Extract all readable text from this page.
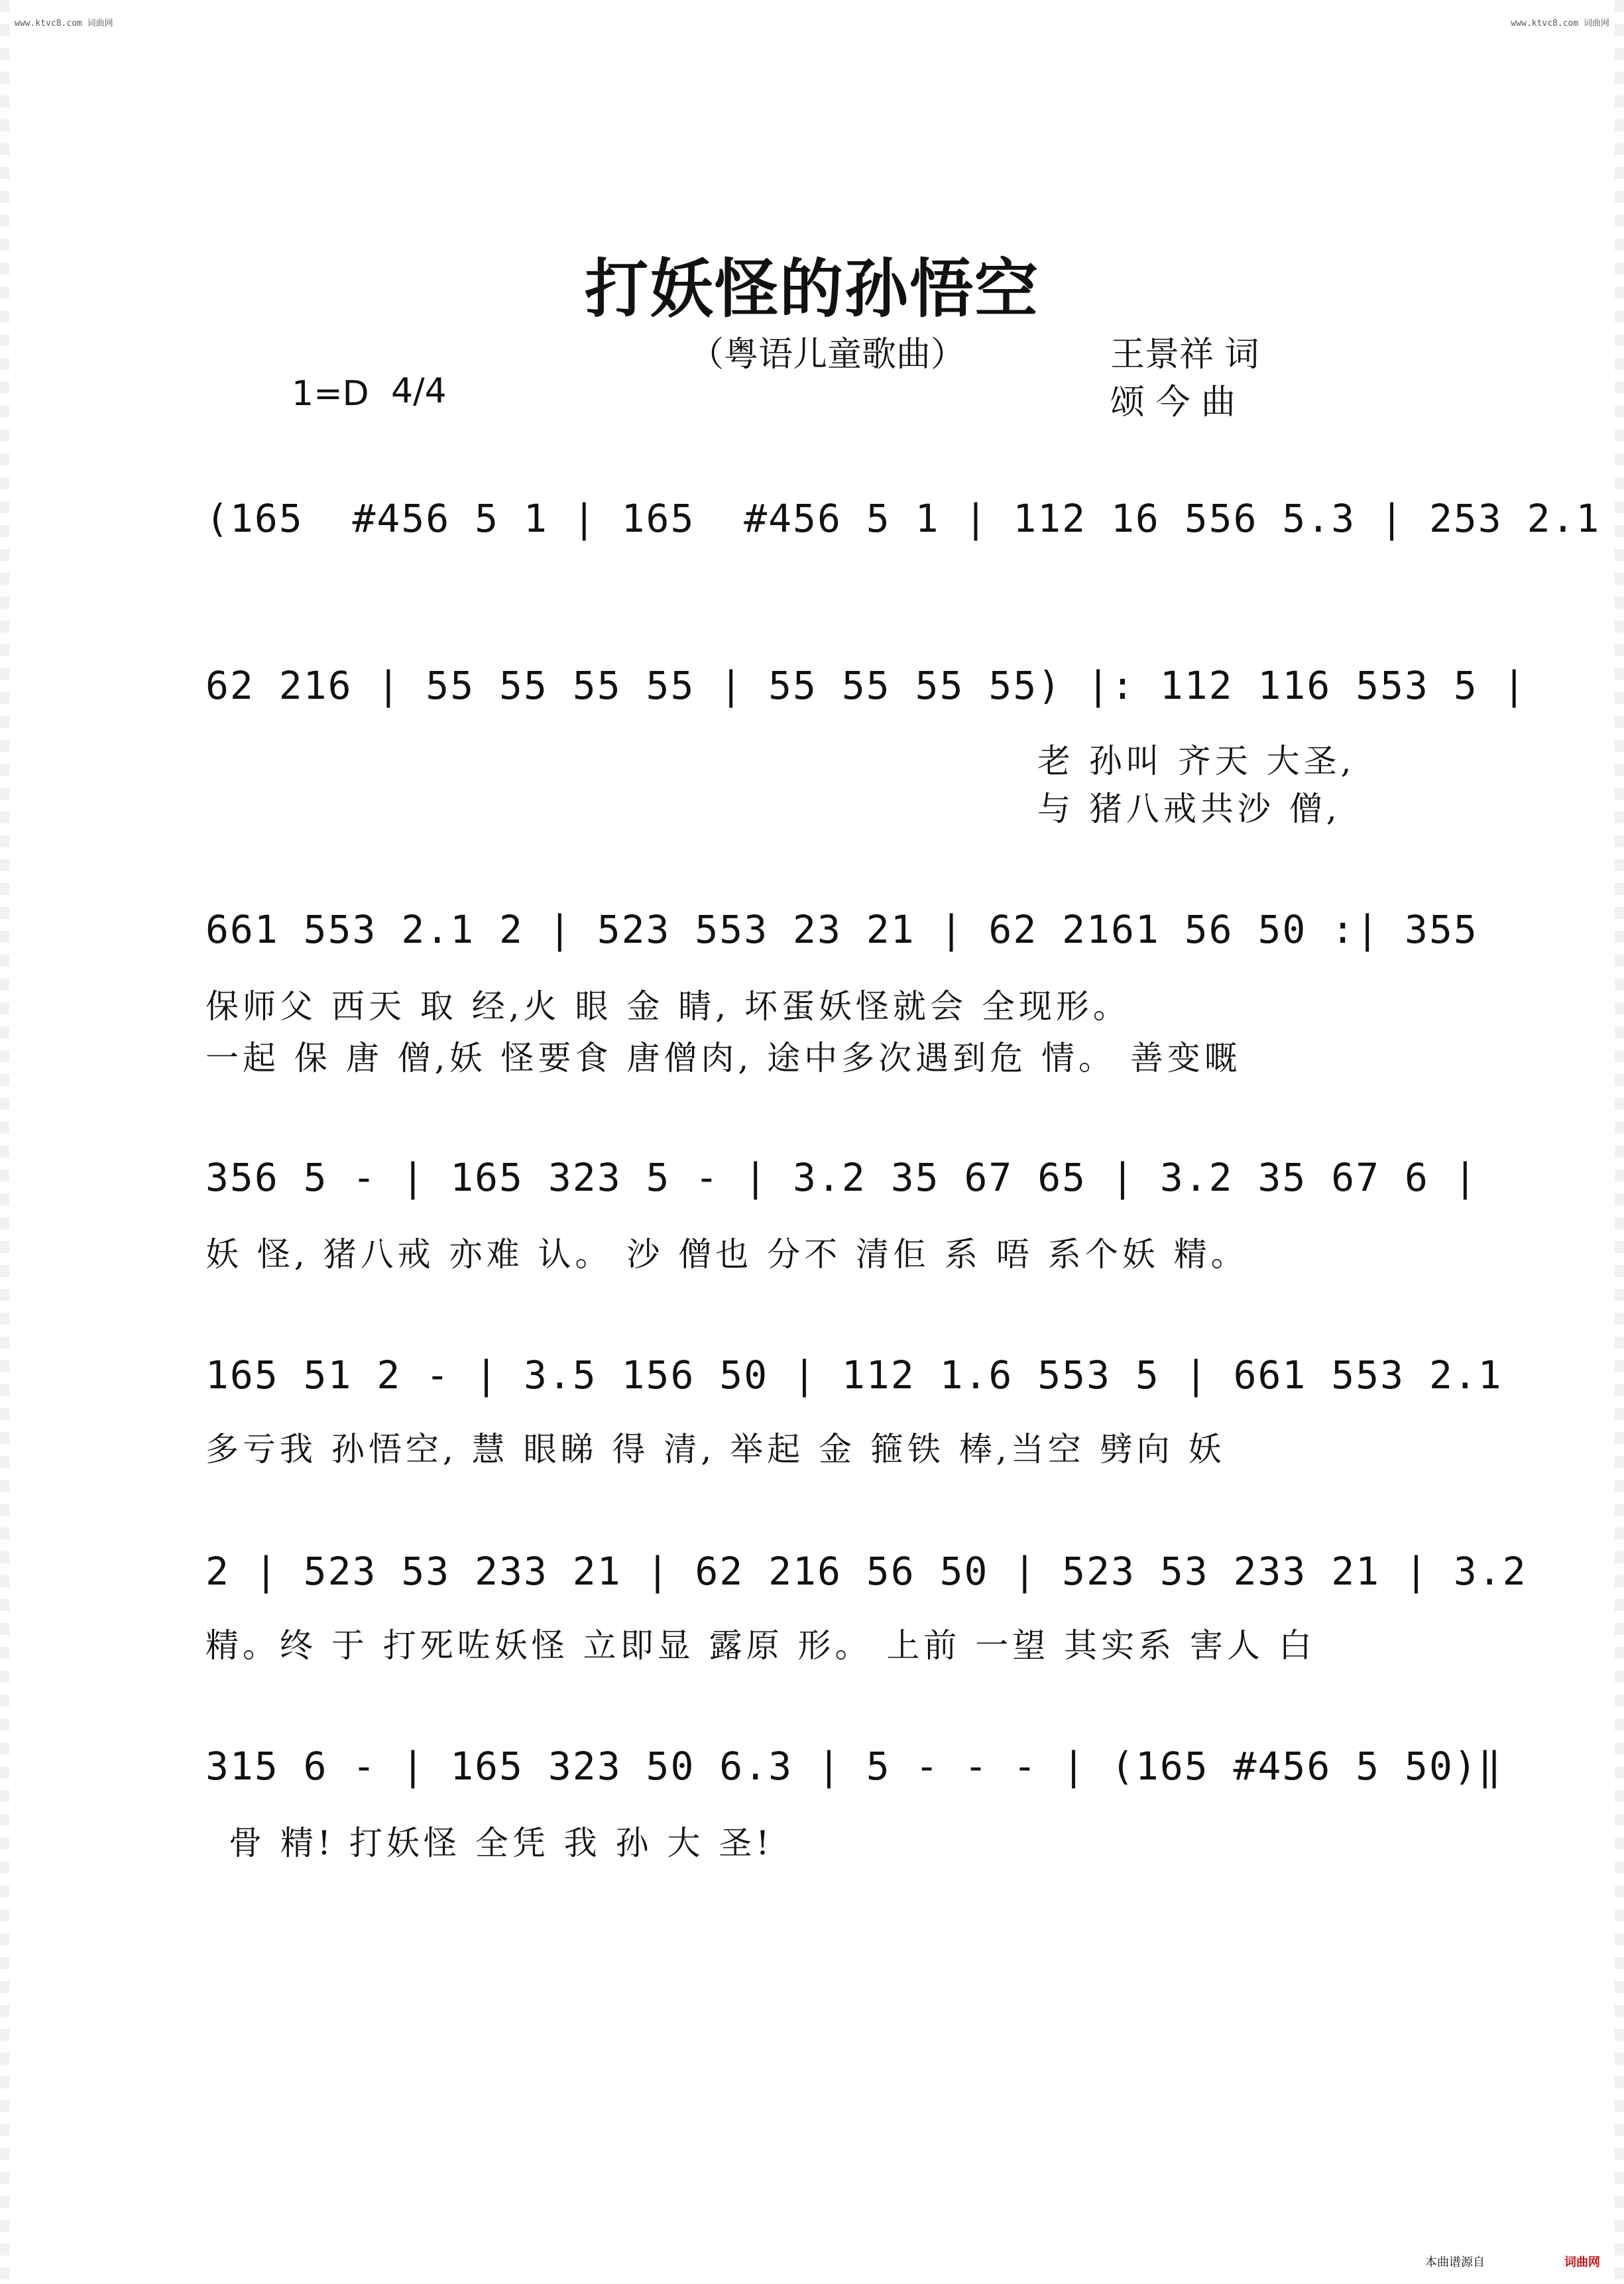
www.ktvc8.com 词曲网	www.ktvc8.com 词曲网
打妖怪的孙悟空
（粤语儿童歌曲）	王景祥 词
颂 今 曲
1=D 4/4
(165  #456 5 1 | 165  #456 5 1 | 112 16 556 5.3 | 253 2.1
62 216 | 55 55 55 55 | 55 55 55 55) |: 112 116 553 5 |
老 孙叫 齐天 大圣,
与 猪八戒共沙 僧,
661 553 2.1 2 | 523 553 23 21 | 62 2161 56 50 :| 355
保师父 西天 取 经,火 眼 金 睛, 坏蛋妖怪就会 全现形。
一起 保 唐 僧,妖 怪要食 唐僧肉, 途中多次遇到危 情。 善变嘅
356 5 - | 165 323 5 - | 3.2 35 67 65 | 3.2 35 67 6 |
妖 怪, 猪八戒 亦难 认。 沙 僧也 分不 清佢 系 唔 系个妖 精。
165 51 2 - | 3.5 156 50 | 112 1.6 553 5 | 661 553 2.1
多亏我 孙悟空, 慧 眼睇 得 清, 举起 金 箍铁 棒,当空 劈向 妖
2 | 523 53 233 21 | 62 216 56 50 | 523 53 233 21 | 3.2
精。终 于 打死咗妖怪 立即显 露原 形。 上前 一望 其实系 害人 白
315 6 - | 165 323 50 6.3 | 5 - - - | (165 #456 5 50)‖
骨 精! 打妖怪 全凭 我 孙 大 圣!
本曲谱源自	词曲网
